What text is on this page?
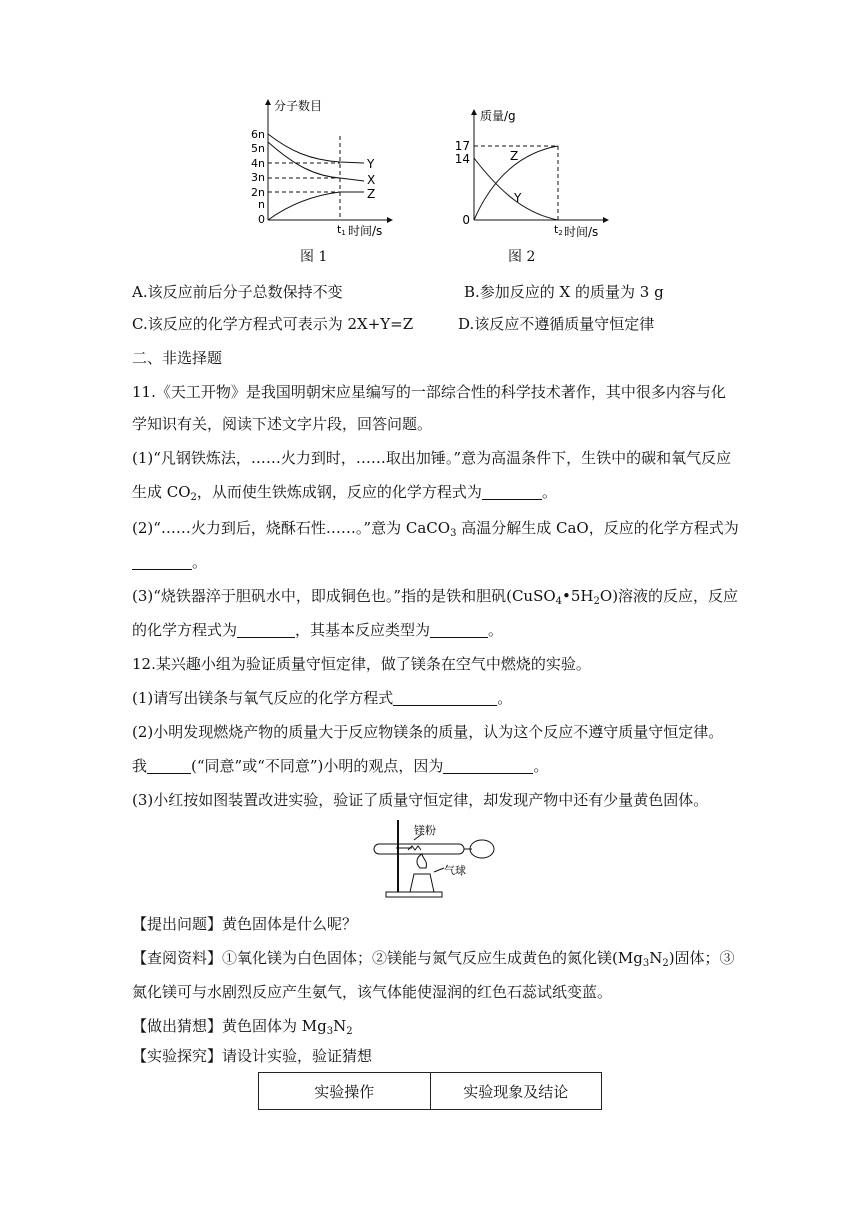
分子数目
6n
5n
4n
3n
2n
n
0
Y
X
Z
t1 时间/s
图 1
质量/g
17
14
0
Z
Y
t2 时间/s
图 2
A.该反应前后分子总数保持不变	B.参加反应的 X 的质量为 3 g
C.该反应的化学方程式可表示为 2X+Y=Z	D.该反应不遵循质量守恒定律
二、非选择题
11.《天工开物》是我国明朝宋应星编写的一部综合性的科学技术著作，其中很多内容与化
学知识有关，阅读下述文字片段，回答问题。
(1)“凡钢铁炼法，……火力到时，……取出加锤。”意为高温条件下，生铁中的碳和氧气反应
生成 $CO_2$，从而使生铁炼成钢，反应的化学方程式为	。
(2)“……火力到后，烧酥石性……。”意为 CaCO$_3$ 高温分解生成 CaO，反应的化学方程式为
。
(3)“烧铁器淬于胆矾水中，即成铜色也。”指的是铁和胆矾$(CuSO_4•5H_2O)$溶液的反应，反应
的化学方程式为	，其基本反应类型为	。
12.某兴趣小组为验证质量守恒定律，做了镁条在空气中燃烧的实验。
(1)请写出镁条与氧气反应的化学方程式	。
(2)小明发现燃烧产物的质量大于反应物镁条的质量，认为这个反应不遵守质量守恒定律。
我	(“同意”或“不同意”)小明的观点，因为	。
(3)小红按如图装置改进实验，验证了质量守恒定律，却发现产物中还有少量黄色固体。
镁粉
气球
【提出问题】黄色固体是什么呢？
【查阅资料】①氧化镁为白色固体；②镁能与氮气反应生成黄色的氮化镁$(Mg_3N_2)$固体；③
氮化镁可与水剧烈反应产生氨气，该气体能使湿润的红色石蕊试纸变蓝。
【做出猜想】黄色固体为 $Mg_3N_2$
【实验探究】请设计实验，验证猜想
实验操作	实验现象及结论
